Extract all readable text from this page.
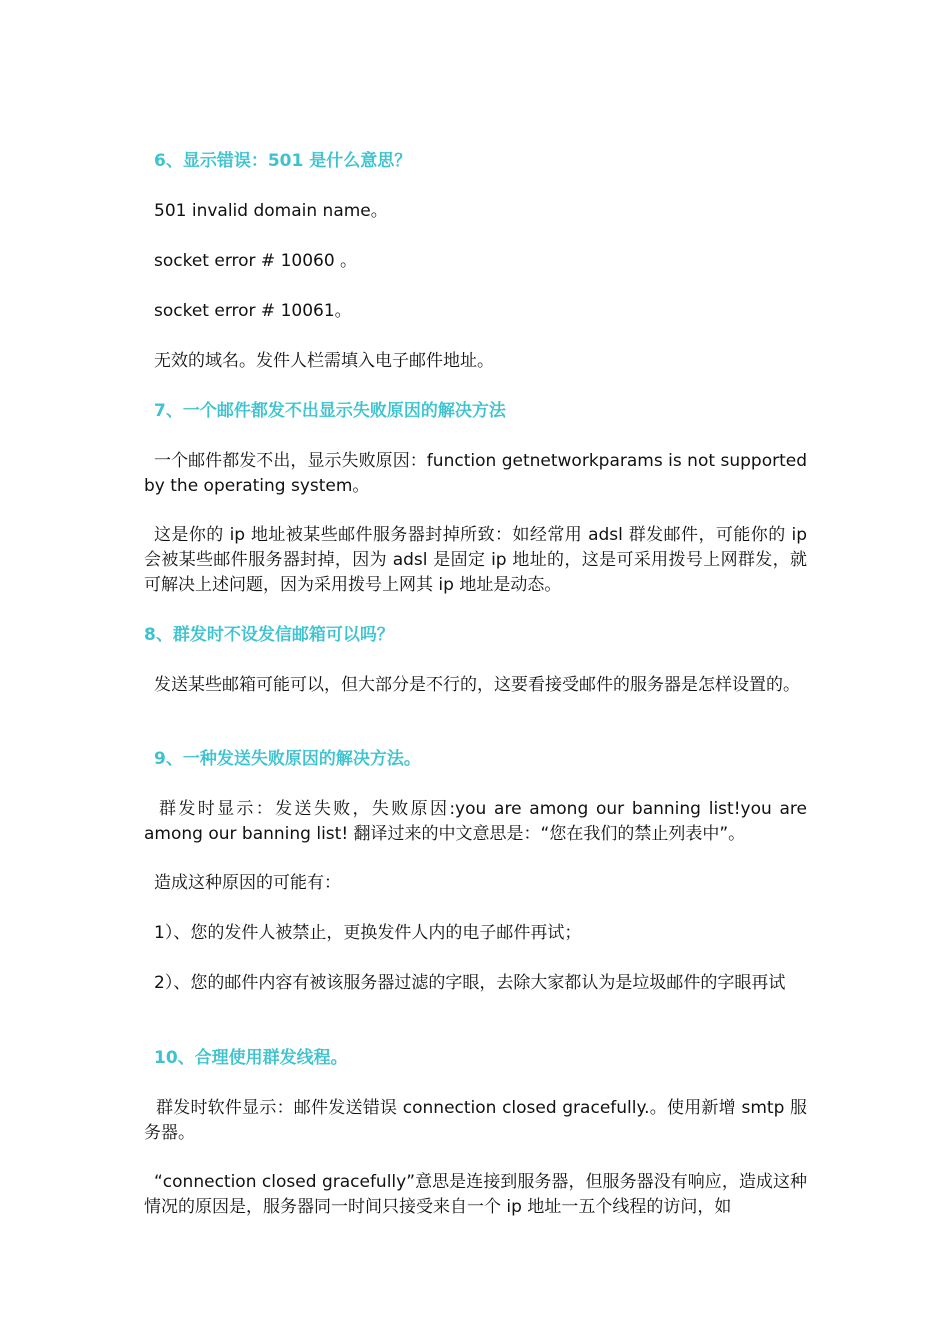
6、显示错误：501 是什么意思？
501 invalid domain name。
socket error # 10060 。
socket error # 10061。
无效的域名。发件人栏需填入电子邮件地址。
7、一个邮件都发不出显示失败原因的解决方法
一个邮件都发不出，显示失败原因：function getnetworkparams is not supported by the operating system。
这是你的 ip 地址被某些邮件服务器封掉所致：如经常用 adsl 群发邮件，可能你的 ip 会被某些邮件服务器封掉，因为 adsl 是固定 ip 地址的，这是可采用拨号上网群发，就可解决上述问题，因为采用拨号上网其 ip 地址是动态。
8、群发时不设发信邮箱可以吗？
发送某些邮箱可能可以，但大部分是不行的，这要看接受邮件的服务器是怎样设置的。
9、一种发送失败原因的解决方法。
群发时显示：发送失败，失败原因:you are among our banning list!you are among our banning list! 翻译过来的中文意思是：“您在我们的禁止列表中”。
造成这种原因的可能有：
1）、您的发件人被禁止，更换发件人内的电子邮件再试；
2）、您的邮件内容有被该服务器过滤的字眼，去除大家都认为是垃圾邮件的字眼再试
10、合理使用群发线程。
群发时软件显示：邮件发送错误 connection closed gracefully.。使用新增 smtp 服务器。
“connection closed gracefully”意思是连接到服务器，但服务器没有响应，造成这种情况的原因是，服务器同一时间只接受来自一个 ip 地址一五个线程的访问，如
